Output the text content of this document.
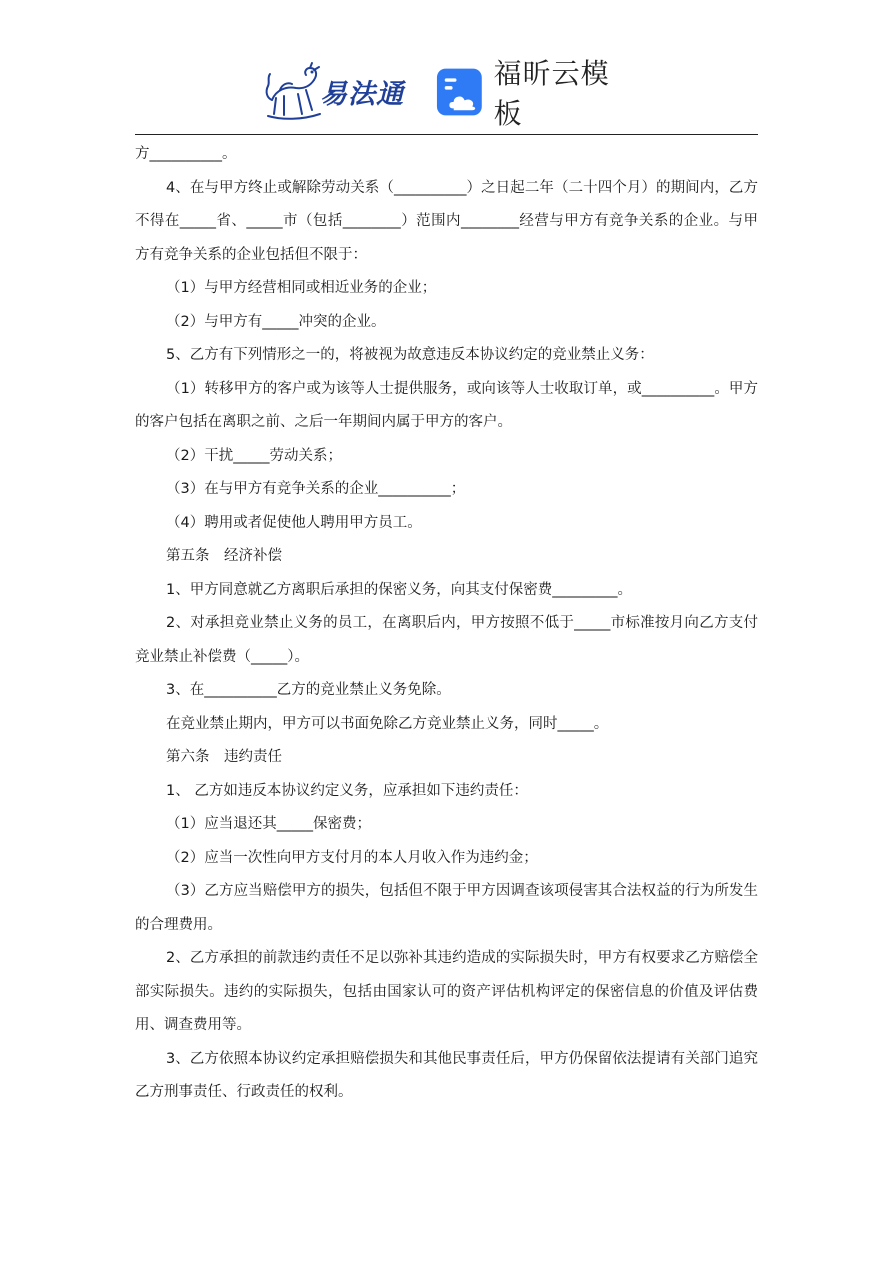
易法通
福昕云模板

方__________。

4、在与甲方终止或解除劳动关系（__________）之日起二年（二十四个月）的期间内，乙方不得在_____省、_____市（包括________）范围内________经营与甲方有竞争关系的企业。与甲方有竞争关系的企业包括但不限于：

（1）与甲方经营相同或相近业务的企业；

（2）与甲方有_____冲突的企业。

5、乙方有下列情形之一的，将被视为故意违反本协议约定的竞业禁止义务：

（1）转移甲方的客户或为该等人士提供服务，或向该等人士收取订单，或__________。甲方的客户包括在离职之前、之后一年期间内属于甲方的客户。

（2）干扰_____劳动关系；

（3）在与甲方有竞争关系的企业__________；

（4）聘用或者促使他人聘用甲方员工。

第五条　经济补偿

1、甲方同意就乙方离职后承担的保密义务，向其支付保密费_________。

2、对承担竞业禁止义务的员工，在离职后内，甲方按照不低于_____市标准按月向乙方支付竞业禁止补偿费（_____）。

3、在__________乙方的竞业禁止义务免除。

在竞业禁止期内，甲方可以书面免除乙方竞业禁止义务，同时_____。

第六条　违约责任

1、 乙方如违反本协议约定义务，应承担如下违约责任：

（1）应当退还其_____保密费；

（2）应当一次性向甲方支付月的本人月收入作为违约金；

（3）乙方应当赔偿甲方的损失，包括但不限于甲方因调查该项侵害其合法权益的行为所发生的合理费用。

2、乙方承担的前款违约责任不足以弥补其违约造成的实际损失时，甲方有权要求乙方赔偿全部实际损失。违约的实际损失，包括由国家认可的资产评估机构评定的保密信息的价值及评估费用、调查费用等。

3、乙方依照本协议约定承担赔偿损失和其他民事责任后，甲方仍保留依法提请有关部门追究乙方刑事责任、行政责任的权利。
